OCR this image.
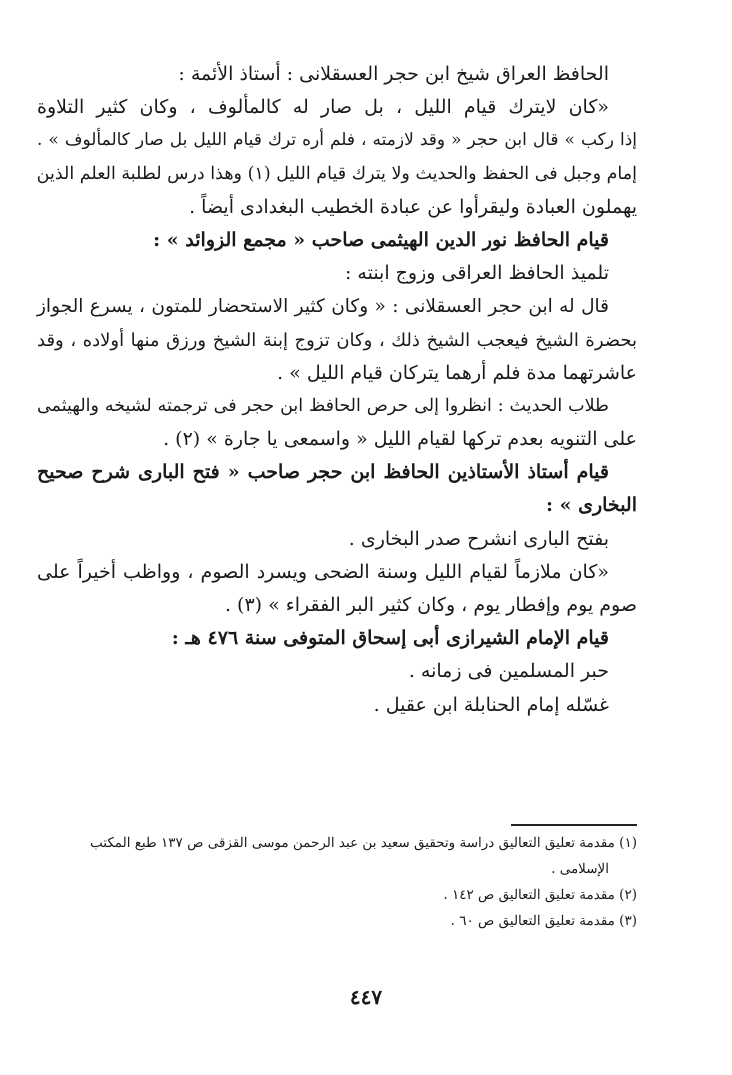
الحافظ العراق شيخ ابن حجر العسقلانى : أستاذ الأئمة :
«كان لايترك قيام الليل ، بل صار له كالمألوف ، وكان كثير التلاوة
إذا ركب » قال ابن حجر « وقد لازمته ، فلم أره ترك قيام الليل بل صار كالمألوف » .
إمام وجبل فى الحفظ والحديث ولا يترك قيام الليل (١) وهذا درس لطلبة العلم الذين
يهملون العبادة وليقرأوا عن عبادة الخطيب البغدادى أيضاً .
قيام الحافظ نور الدين الهيثمى صاحب « مجمع الزوائد » :
تلميذ الحافظ العراقى وزوج ابنته :
قال له ابن حجر العسقلانى : « وكان كثير الاستحضار للمتون ، يسرع الجواز
بحضرة الشيخ فيعجب الشيخ ذلك ، وكان تزوج إبنة الشيخ ورزق منها أولاده ، وقد
عاشرتهما مدة فلم أرهما يتركان قيام الليل » .
طلاب الحديث : انظروا إلى حرص الحافظ ابن حجر فى ترجمته لشيخه والهيثمى
على التنويه بعدم تركها لقيام الليل « واسمعى يا جارة » (٢) .
قيام أستاذ الأستاذين الحافظ ابن حجر صاحب « فتح البارى شرح صحيح
البخارى » :
بفتح البارى انشرح صدر البخارى .
«كان ملازماً لقيام الليل وسنة الضحى ويسرد الصوم ، وواظب أخيراً على
صوم يوم وإفطار يوم ، وكان كثير البر الفقراء » (٣) .
قيام الإمام الشيرازى أبى إسحاق المتوفى سنة ٤٧٦ هـ :
حبر المسلمين فى زمانه .
غسّله إمام الحنابلة ابن عقيل .
(١) مقدمة تعليق التعاليق دراسة وتحقيق سعيد بن عبد الرحمن موسى القزقى ص ١٣٧ طبع المكتب
الإسلامى .
(٢) مقدمة تعليق التعاليق ص ١٤٢ .
(٣) مقدمة تعليق التعاليق ص ٦٠ .
٤٤٧
